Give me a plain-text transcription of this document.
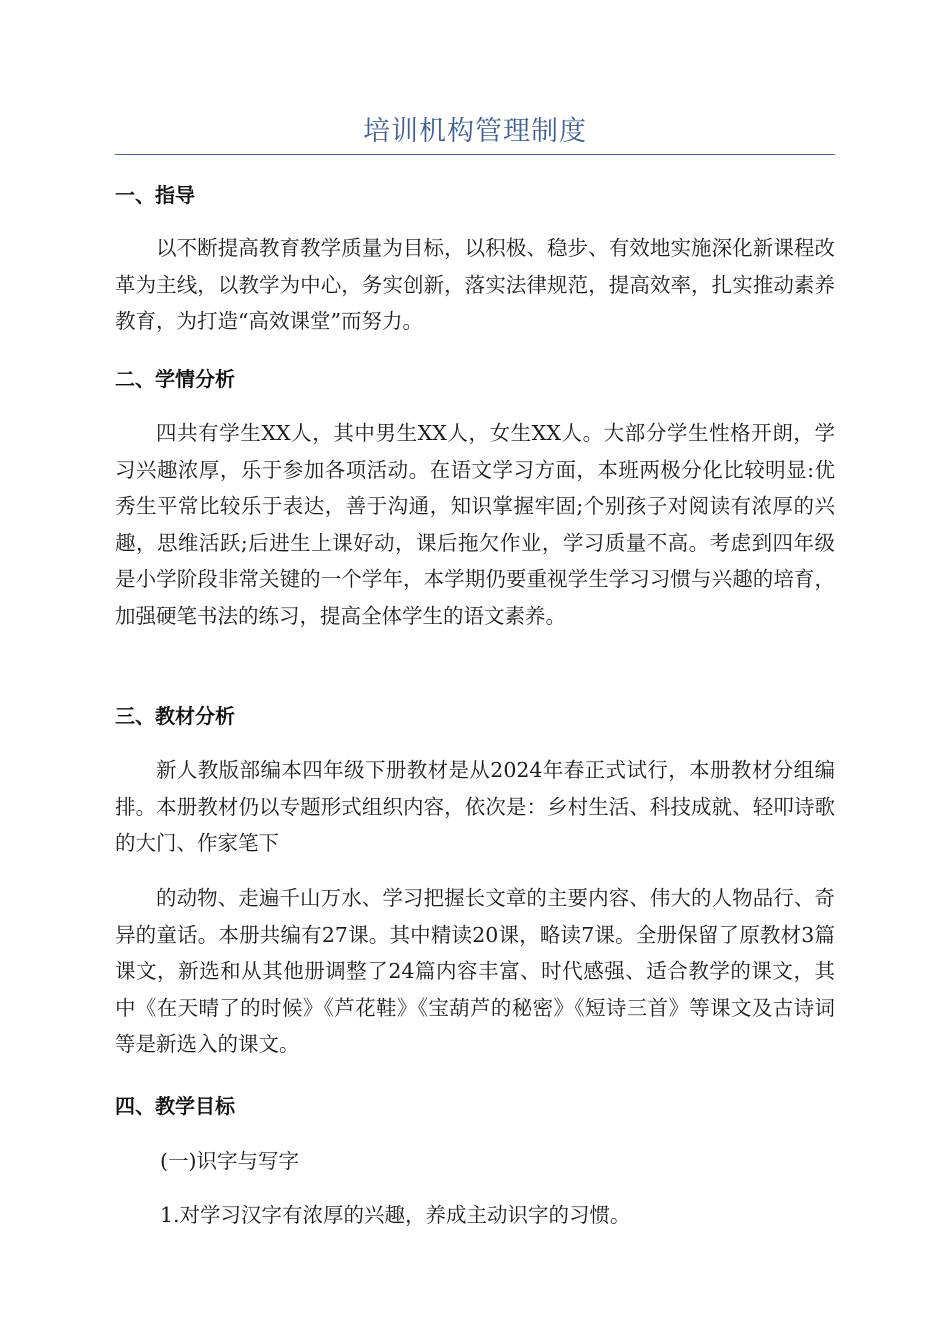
培训机构管理制度
一、指导
以不断提高教育教学质量为目标，以积极、稳步、有效地实施深化新课程改革为主线，以教学为中心，务实创新，落实法律规范，提高效率，扎实推动素养教育，为打造“高效课堂”而努力。
二、学情分析
四共有学生XX人，其中男生XX人，女生XX人。大部分学生性格开朗，学习兴趣浓厚，乐于参加各项活动。在语文学习方面，本班两极分化比较明显:优秀生平常比较乐于表达，善于沟通，知识掌握牢固;个别孩子对阅读有浓厚的兴趣，思维活跃;后进生上课好动，课后拖欠作业，学习质量不高。考虑到四年级是小学阶段非常关键的一个学年，本学期仍要重视学生学习习惯与兴趣的培育，加强硬笔书法的练习，提高全体学生的语文素养。
三、教材分析
新人教版部编本四年级下册教材是从2024年春正式试行，本册教材分组编排。本册教材仍以专题形式组织内容，依次是：乡村生活、科技成就、轻叩诗歌的大门、作家笔下
的动物、走遍千山万水、学习把握长文章的主要内容、伟大的人物品行、奇异的童话。本册共编有27课。其中精读20课，略读7课。全册保留了原教材3篇课文，新选和从其他册调整了24篇内容丰富、时代感强、适合教学的课文，其中《在天晴了的时候》《芦花鞋》《宝葫芦的秘密》《短诗三首》等课文及古诗词等是新选入的课文。
四、教学目标
(一)识字与写字
1.对学习汉字有浓厚的兴趣，养成主动识字的习惯。
